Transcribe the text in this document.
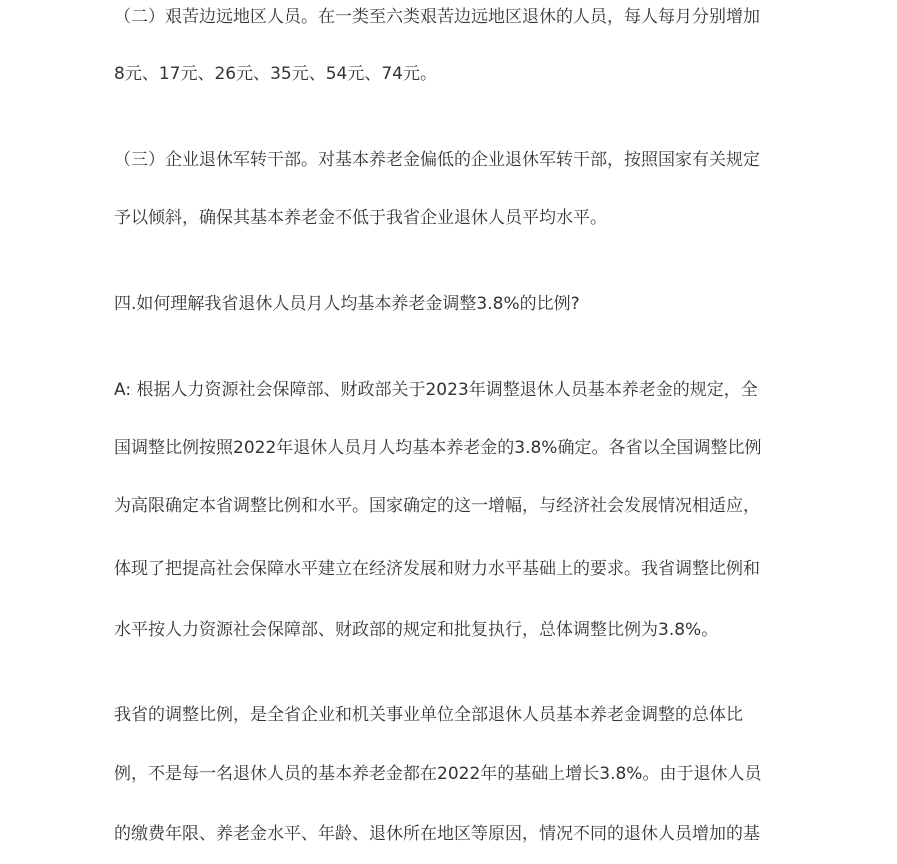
（二）艰苦边远地区人员。在一类至六类艰苦边远地区退休的人员，每人每月分别增加
8元、17元、26元、35元、54元、74元。

（三）企业退休军转干部。对基本养老金偏低的企业退休军转干部，按照国家有关规定
予以倾斜，确保其基本养老金不低于我省企业退休人员平均水平。

四.如何理解我省退休人员月人均基本养老金调整3.8%的比例?

A: 根据人力资源社会保障部、财政部关于2023年调整退休人员基本养老金的规定，全
国调整比例按照2022年退休人员月人均基本养老金的3.8%确定。各省以全国调整比例
为高限确定本省调整比例和水平。国家确定的这一增幅，与经济社会发展情况相适应，
体现了把提高社会保障水平建立在经济发展和财力水平基础上的要求。我省调整比例和
水平按人力资源社会保障部、财政部的规定和批复执行，总体调整比例为3.8%。

我省的调整比例，是全省企业和机关事业单位全部退休人员基本养老金调整的总体比
例，不是每一名退休人员的基本养老金都在2022年的基础上增长3.8%。由于退休人员
的缴费年限、养老金水平、年龄、退休所在地区等原因，情况不同的退休人员增加的基
